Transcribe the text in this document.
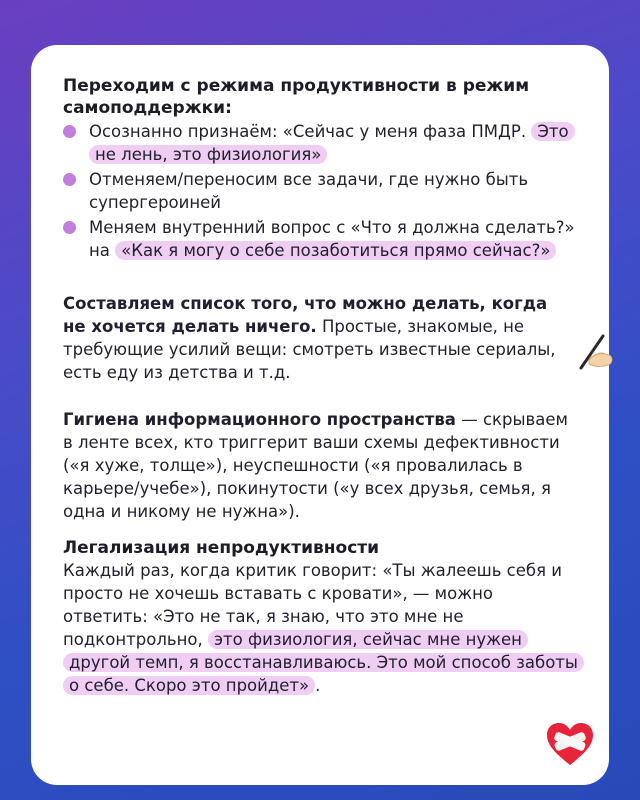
Переходим с режима продуктивности в режим самоподдержки:

Осознанно признаём: «Сейчас у меня фаза ПМДР. Это не лень, это физиология»
Отменяем/переносим все задачи, где нужно быть супергероиней
Меняем внутренний вопрос с «Что я должна сделать?» на «Как я могу о себе позаботиться прямо сейчас?»
Составляем список того, что можно делать, когда не хочется делать ничего. Простые, знакомые, не требующие усилий вещи: смотреть известные сериалы, есть еду из детства и т.д.
Гигиена информационного пространства — скрываем в ленте всех, кто триггерит ваши схемы дефективности («я хуже, толще»), неуспешности («я провалилась в карьере/учебе»), покинутости («у всех друзья, семья, я одна и никому не нужна»).

Легализация непродуктивности

Каждый раз, когда критик говорит: «Ты жалеешь себя и просто не хочешь вставать с кровати», — можно ответить: «Это не так, я знаю, что это мне не подконтрольно, это физиология, сейчас мне нужен другой темп, я восстанавливаюсь. Это мой способ заботы о себе. Скоро это пройдет» .
